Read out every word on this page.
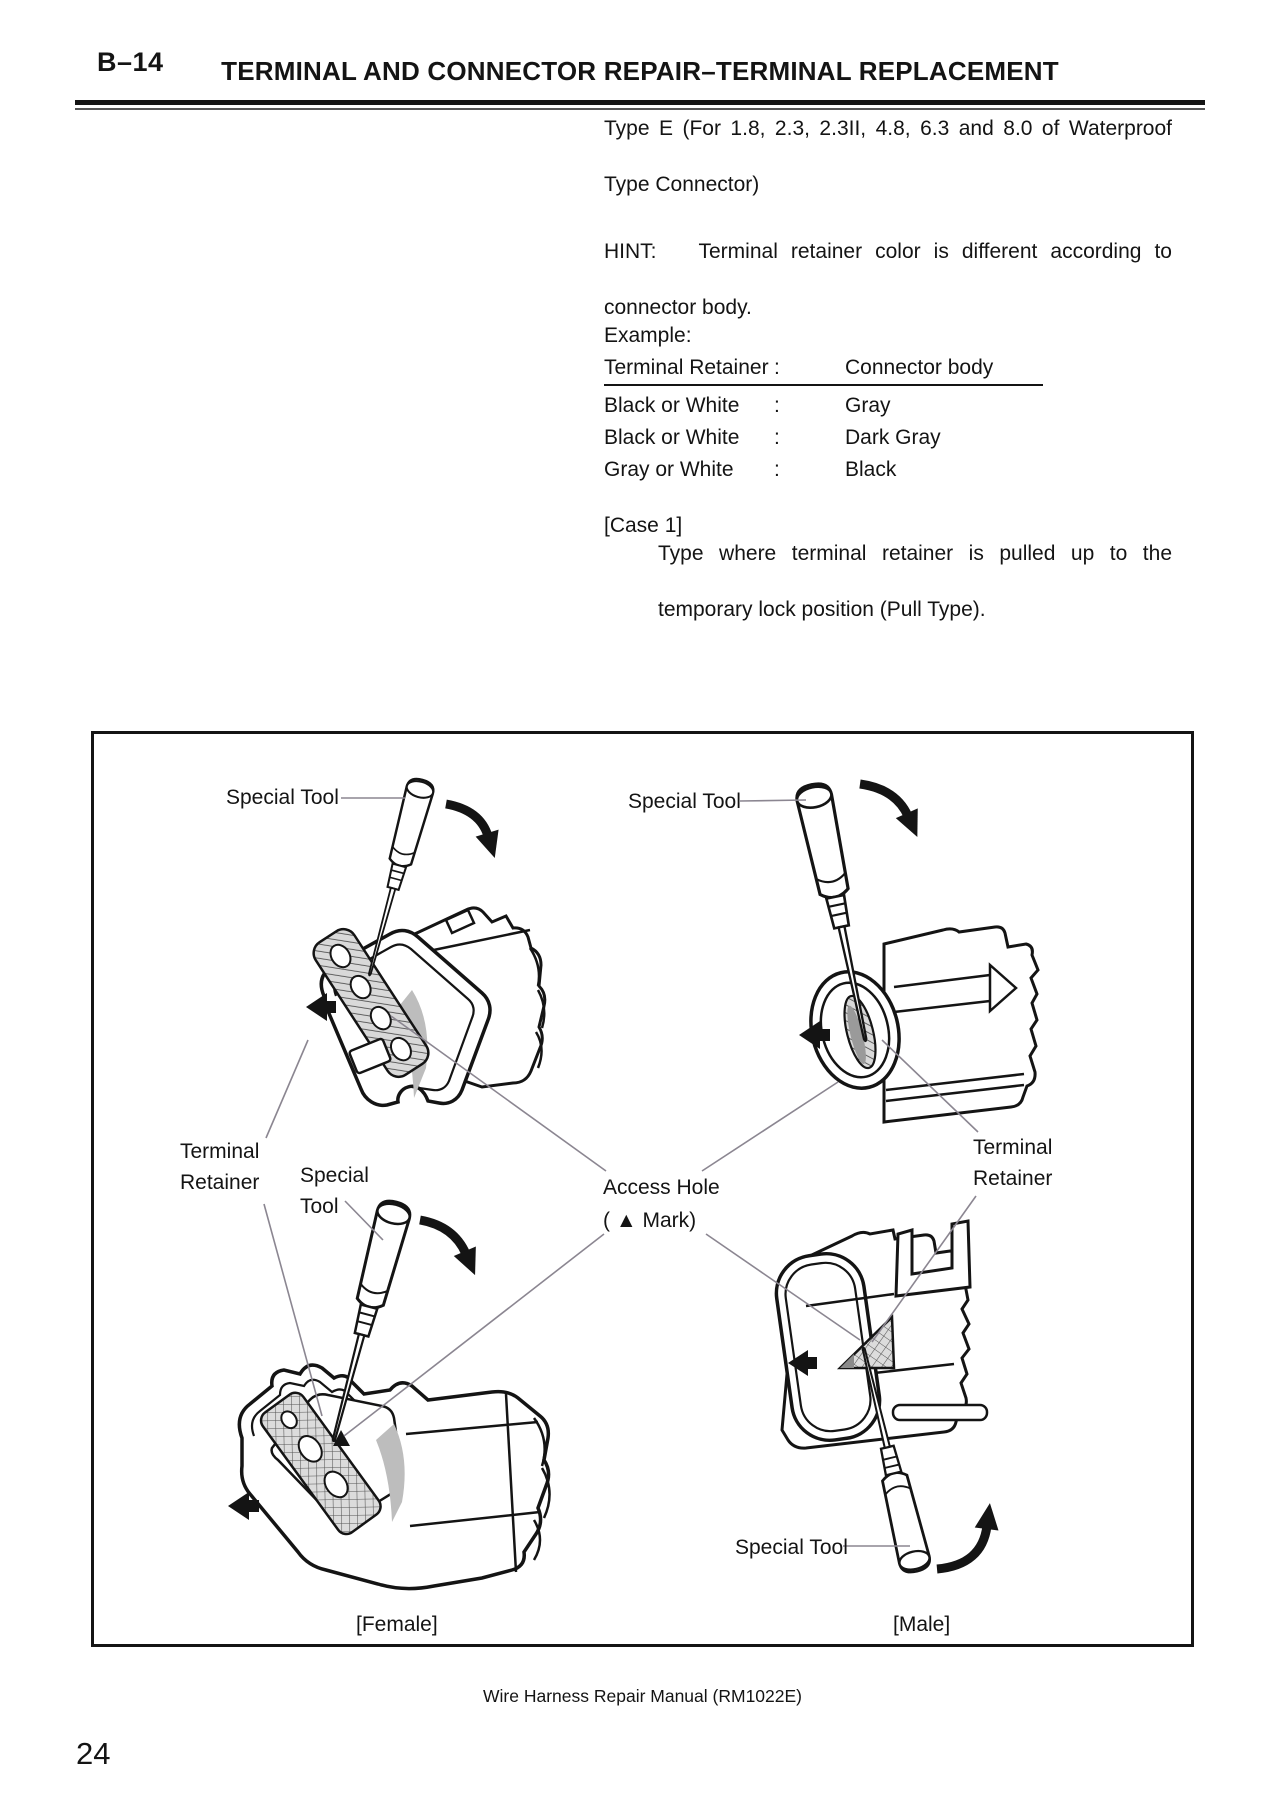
B–14	TERMINAL AND CONNECTOR REPAIR–TERMINAL REPLACEMENT
Type E (For 1.8, 2.3, 2.3II, 4.8, 6.3 and 8.0 of Waterproof
Type Connector)
HINT: Terminal retainer color is different according to
connector body.
Example:
Terminal Retainer :	Connector body
Black or White	:	Gray
Black or White	:	Dark Gray
Gray or White	:	Black
[Case 1]
Type where terminal retainer is pulled up to the
temporary lock position (Pull Type).
Special Tool	Special Tool
Terminal
Retainer Special
Tool
Access Hole
( ▲ Mark)
Terminal
Retainer
Special Tool
[Female]	[Male]
Wire Harness Repair Manual (RM1022E)
24
